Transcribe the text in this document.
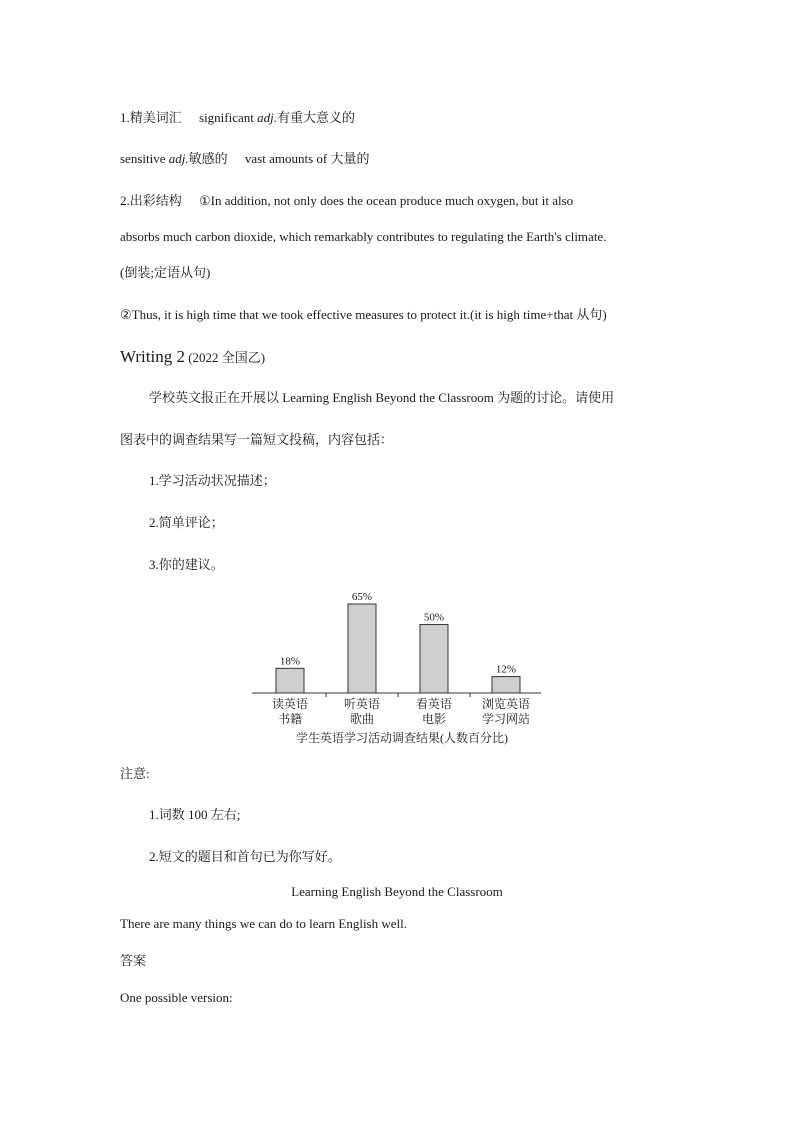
1.精美词汇 significant adj.有重大意义的
sensitive adj.敏感的 vast amounts of 大量的
2.出彩结构 ①In addition, not only does the ocean produce much oxygen, but it also
absorbs much carbon dioxide, which remarkably contributes to regulating the Earth's climate.
(倒装;定语从句)
②Thus, it is high time that we took effective measures to protect it.(it is high time+that 从句)
Writing 2 (2022 全国乙)
学校英文报正在开展以 Learning English Beyond the Classroom 为题的讨论。请使用
图表中的调查结果写一篇短文投稿，内容包括：
1.学习活动状况描述；
2.简单评论；
3.你的建议。
18%
读英语
书籍
65%
听英语
歌曲
50%
看英语
电影
12%
浏览英语
学习网站
学生英语学习活动调查结果(人数百分比)
注意:
1.词数 100 左右;
2.短文的题目和首句已为你写好。
Learning English Beyond the Classroom
There are many things we can do to learn English well.
答案
One possible version:
